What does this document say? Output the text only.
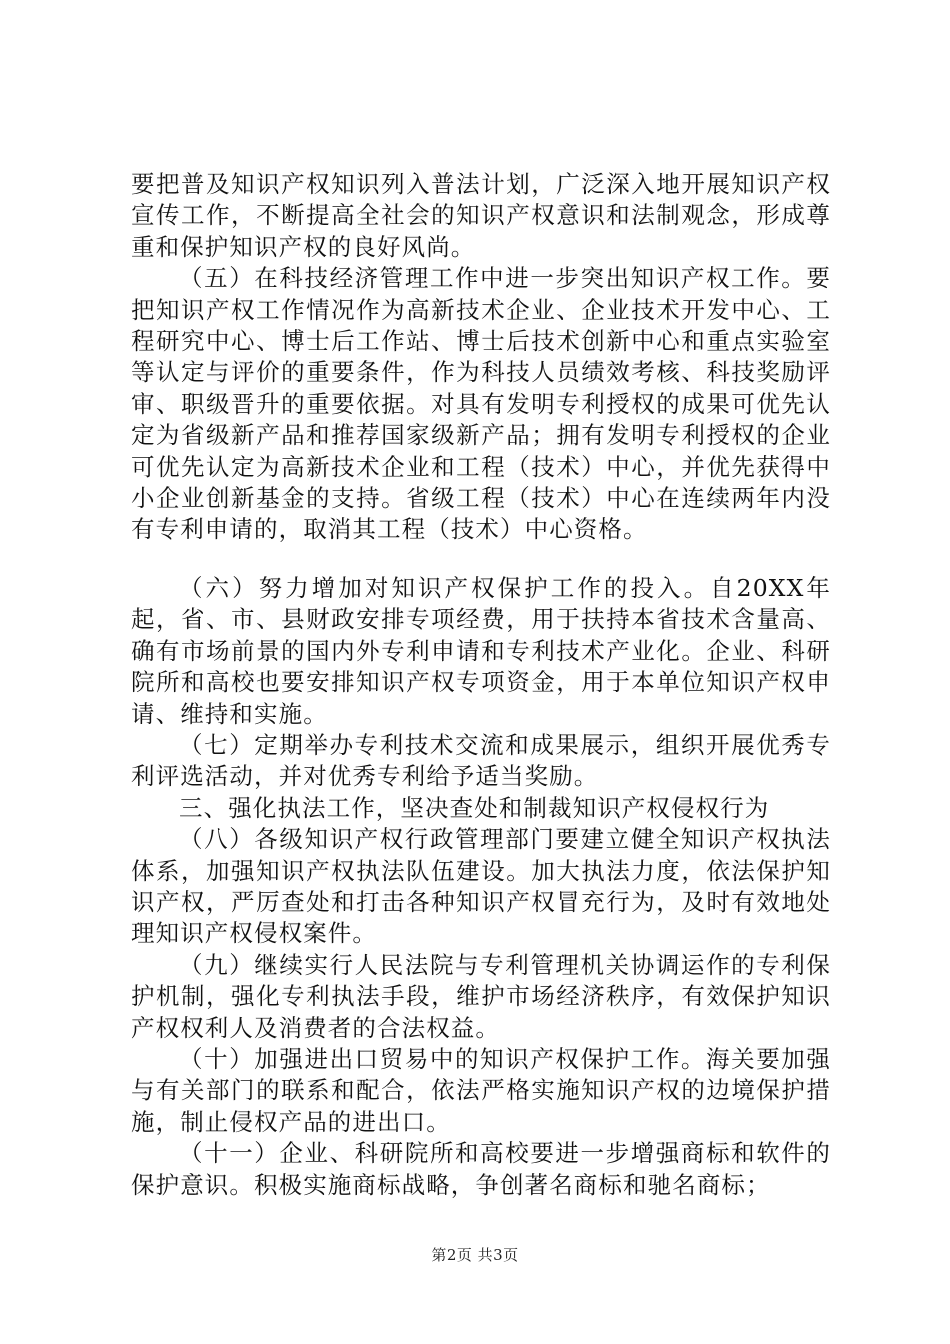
要把普及知识产权知识列入普法计划，广泛深入地开展知识产权宣传工作，不断提高全社会的知识产权意识和法制观念，形成尊重和保护知识产权的良好风尚。

（五）在科技经济管理工作中进一步突出知识产权工作。要把知识产权工作情况作为高新技术企业、企业技术开发中心、工程研究中心、博士后工作站、博士后技术创新中心和重点实验室等认定与评价的重要条件，作为科技人员绩效考核、科技奖励评审、职级晋升的重要依据。对具有发明专利授权的成果可优先认定为省级新产品和推荐国家级新产品；拥有发明专利授权的企业可优先认定为高新技术企业和工程（技术）中心，并优先获得中小企业创新基金的支持。省级工程（技术）中心在连续两年内没有专利申请的，取消其工程（技术）中心资格。

（六）努力增加对知识产权保护工作的投入。自20XX年起，省、市、县财政安排专项经费，用于扶持本省技术含量高、确有市场前景的国内外专利申请和专利技术产业化。企业、科研院所和高校也要安排知识产权专项资金，用于本单位知识产权申请、维持和实施。

（七）定期举办专利技术交流和成果展示，组织开展优秀专利评选活动，并对优秀专利给予适当奖励。

三、强化执法工作，坚决查处和制裁知识产权侵权行为

（八）各级知识产权行政管理部门要建立健全知识产权执法体系，加强知识产权执法队伍建设。加大执法力度，依法保护知识产权，严厉查处和打击各种知识产权冒充行为，及时有效地处理知识产权侵权案件。

（九）继续实行人民法院与专利管理机关协调运作的专利保护机制，强化专利执法手段，维护市场经济秩序，有效保护知识产权权利人及消费者的合法权益。

（十）加强进出口贸易中的知识产权保护工作。海关要加强与有关部门的联系和配合，依法严格实施知识产权的边境保护措施，制止侵权产品的进出口。

（十一）企业、科研院所和高校要进一步增强商标和软件的保护意识。积极实施商标战略，争创著名商标和驰名商标；

第2页 共3页
